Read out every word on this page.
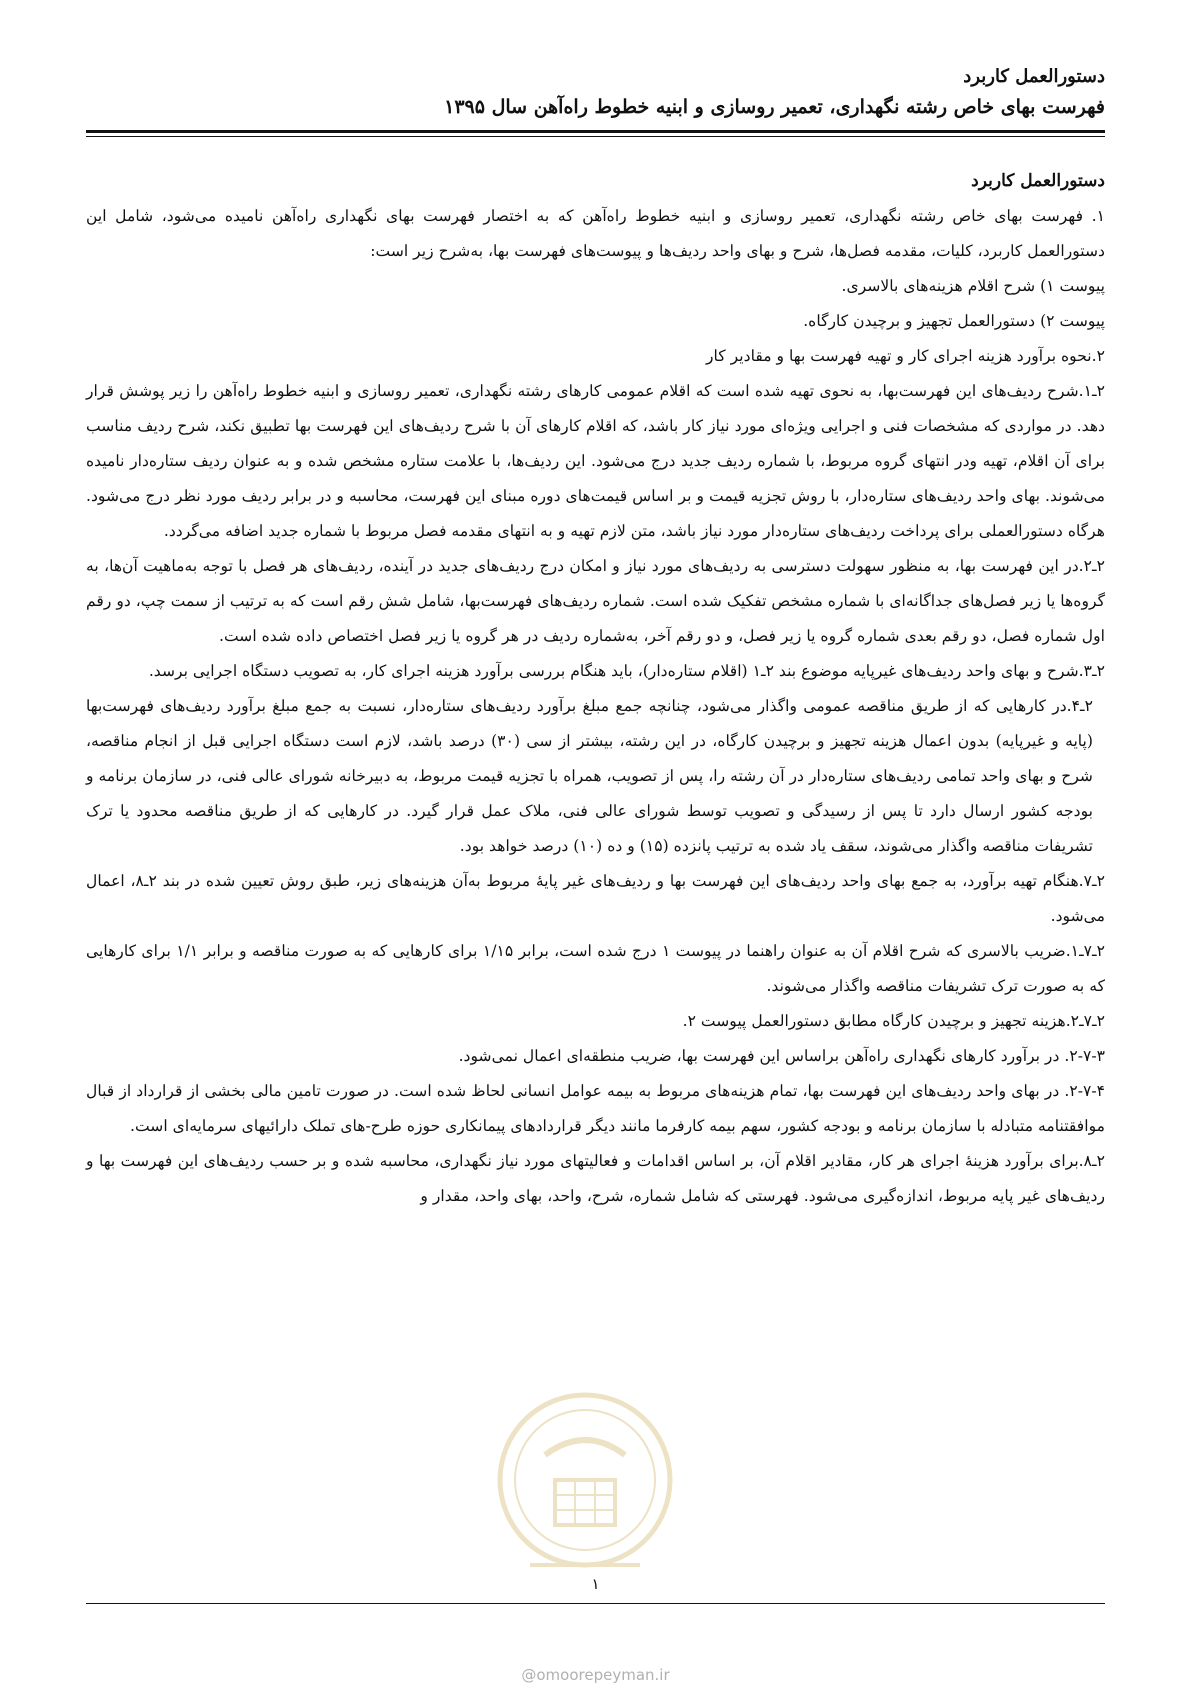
دستورالعمل کاربرد
فهرست بهای خاص رشته نگهداری، تعمیر روسازی و ابنیه خطوط راه‌آهن سال ۱۳۹۵

دستورالعمل کاربرد

۱. فهرست بهای خاص رشته نگهداری، تعمیر روسازی و ابنیه خطوط راه‌آهن که به اختصار فهرست بهای نگهداری راه‌آهن نامیده می‌شود، شامل این دستورالعمل کاربرد، کلیات، مقدمه فصل‌ها، شرح و بهای واحد ردیف‌ها و پیوست‌های فهرست بها، به‌شرح زیر است:

پیوست ۱) شرح اقلام هزینه‌های بالاسری.

پیوست ۲) دستورالعمل تجهیز و برچیدن کارگاه.

۲.نحوه برآورد هزینه اجرای کار و تهیه فهرست بها و مقادیر کار

۲ـ۱.شرح ردیف‌های این فهرست‌بها، به نحوی تهیه شده است که اقلام عمومی کارهای رشته نگهداری، تعمیر روسازی و ابنیه خطوط راه‌آهن را زیر پوشش قرار دهد. در مواردی که مشخصات فنی و اجرایی ویژه‌ای مورد نیاز کار باشد، که اقلام کارهای آن با شرح ردیف‌های این فهرست بها تطبیق نکند، شرح ردیف مناسب برای آن اقلام، تهیه ودر انتهای گروه مربوط، با شماره ردیف جدید درج می‌شود. این ردیف‌ها، با علامت ستاره مشخص شده و به عنوان ردیف ستاره‌دار نامیده می‌شوند. بهای واحد ردیف‌های ستاره‌دار، با روش تجزیه قیمت و بر اساس قیمت‌های دوره مبنای این فهرست، محاسبه و در برابر ردیف مورد نظر درج می‌شود. هرگاه دستورالعملی برای پرداخت ردیف‌های ستاره‌دار مورد نیاز باشد، متن لازم تهیه و به انتهای مقدمه فصل مربوط با شماره جدید اضافه می‌گردد.

۲ـ۲.در این فهرست بها، به منظور سهولت دسترسی به ردیف‌های مورد نیاز و امکان درج ردیف‌های جدید در آینده، ردیف‌های هر فصل با توجه به‌ماهیت آن‌ها، به گروه‌ها یا زیر فصل‌های جداگانه‌ای با شماره مشخص تفکیک شده است. شماره ردیف‌های فهرست‌بها، شامل شش رقم است که به ترتیب از سمت چپ، دو رقم اول شماره فصل، دو رقم بعدی شماره گروه یا زیر فصل، و دو رقم آخر، به‌شماره ردیف در هر گروه یا زیر فصل اختصاص داده شده است.

۲ـ۳.شرح و بهای واحد ردیف‌های غیرپایه موضوع بند ۲ـ۱ (اقلام ستاره‌دار)، باید هنگام بررسی برآورد هزینه اجرای کار، به تصویب دستگاه اجرایی برسد.

۲ـ۴.در کارهایی که از طریق مناقصه عمومی واگذار می‌شود، چنانچه جمع مبلغ برآورد ردیف‌های ستاره‌دار، نسبت به جمع مبلغ برآورد ردیف‌های فهرست‌بها (پایه و غیرپایه) بدون اعمال هزینه تجهیز و برچیدن کارگاه، در این رشته، بیشتر از سی (۳۰) درصد باشد، لازم است دستگاه اجرایی قبل از انجام مناقصه، شرح و بهای واحد تمامی ردیف‌های ستاره‌دار در آن رشته را، پس از تصویب، همراه با تجزیه قیمت مربوط، به دبیرخانه شورای عالی فنی، در سازمان برنامه و بودجه کشور ارسال دارد تا پس از رسیدگی و تصویب توسط شورای عالی فنی، ملاک عمل قرار گیرد. در کارهایی که از طریق مناقصه محدود یا ترک تشریفات مناقصه واگذار می‌شوند، سقف یاد شده به ترتیب پانزده (۱۵) و ده (۱۰) درصد خواهد بود.

۲ـ۷.هنگام تهیه برآورد، به جمع بهای واحد ردیف‌های این فهرست بها و ردیف‌های غیر پایهٔ مربوط به‌آن هزینه‌های زیر، طبق روش تعیین شده در بند ۲ـ۸، اعمال می‌شود.

۲ـ۷ـ۱.ضریب بالاسری که شرح اقلام آن به عنوان راهنما در پیوست ۱ درج شده است، برابر ۱/۱۵ برای کارهایی که به صورت مناقصه و برابر ۱/۱ برای کارهایی که به صورت ترک تشریفات مناقصه واگذار می‌شوند.

۲ـ۷ـ۲.هزینه تجهیز و برچیدن کارگاه مطابق دستورالعمل پیوست ۲.

۲-۷-۳. در برآورد کارهای نگهداری راه‌آهن براساس این فهرست بها، ضریب منطقه‌ای اعمال نمی‌شود.

۲-۷-۴. در بهای واحد ردیف‌های این فهرست بها، تمام هزینه‌های مربوط به بیمه عوامل انسانی لحاظ شده است. در صورت تامین مالی بخشی از قرارداد از قبال موافقتنامه متبادله با سازمان برنامه و بودجه کشور، سهم بیمه کارفرما مانند دیگر قراردادهای پیمانکاری حوزه طرح‌-های تملک دارائیهای سرمایه‌ای است.

۲ـ۸.برای برآورد هزینهٔ اجرای هر کار، مقادیر اقلام آن، بر اساس اقدامات و فعالیتهای مورد نیاز نگهداری، محاسبه شده و بر حسب ردیف‌های این فهرست بها و ردیف‌های غیر پایه مربوط، اندازه‌گیری می‌شود. فهرستی که شامل شماره، شرح، واحد، بهای واحد، مقدار و

۱
@omoorepeyman.ir
